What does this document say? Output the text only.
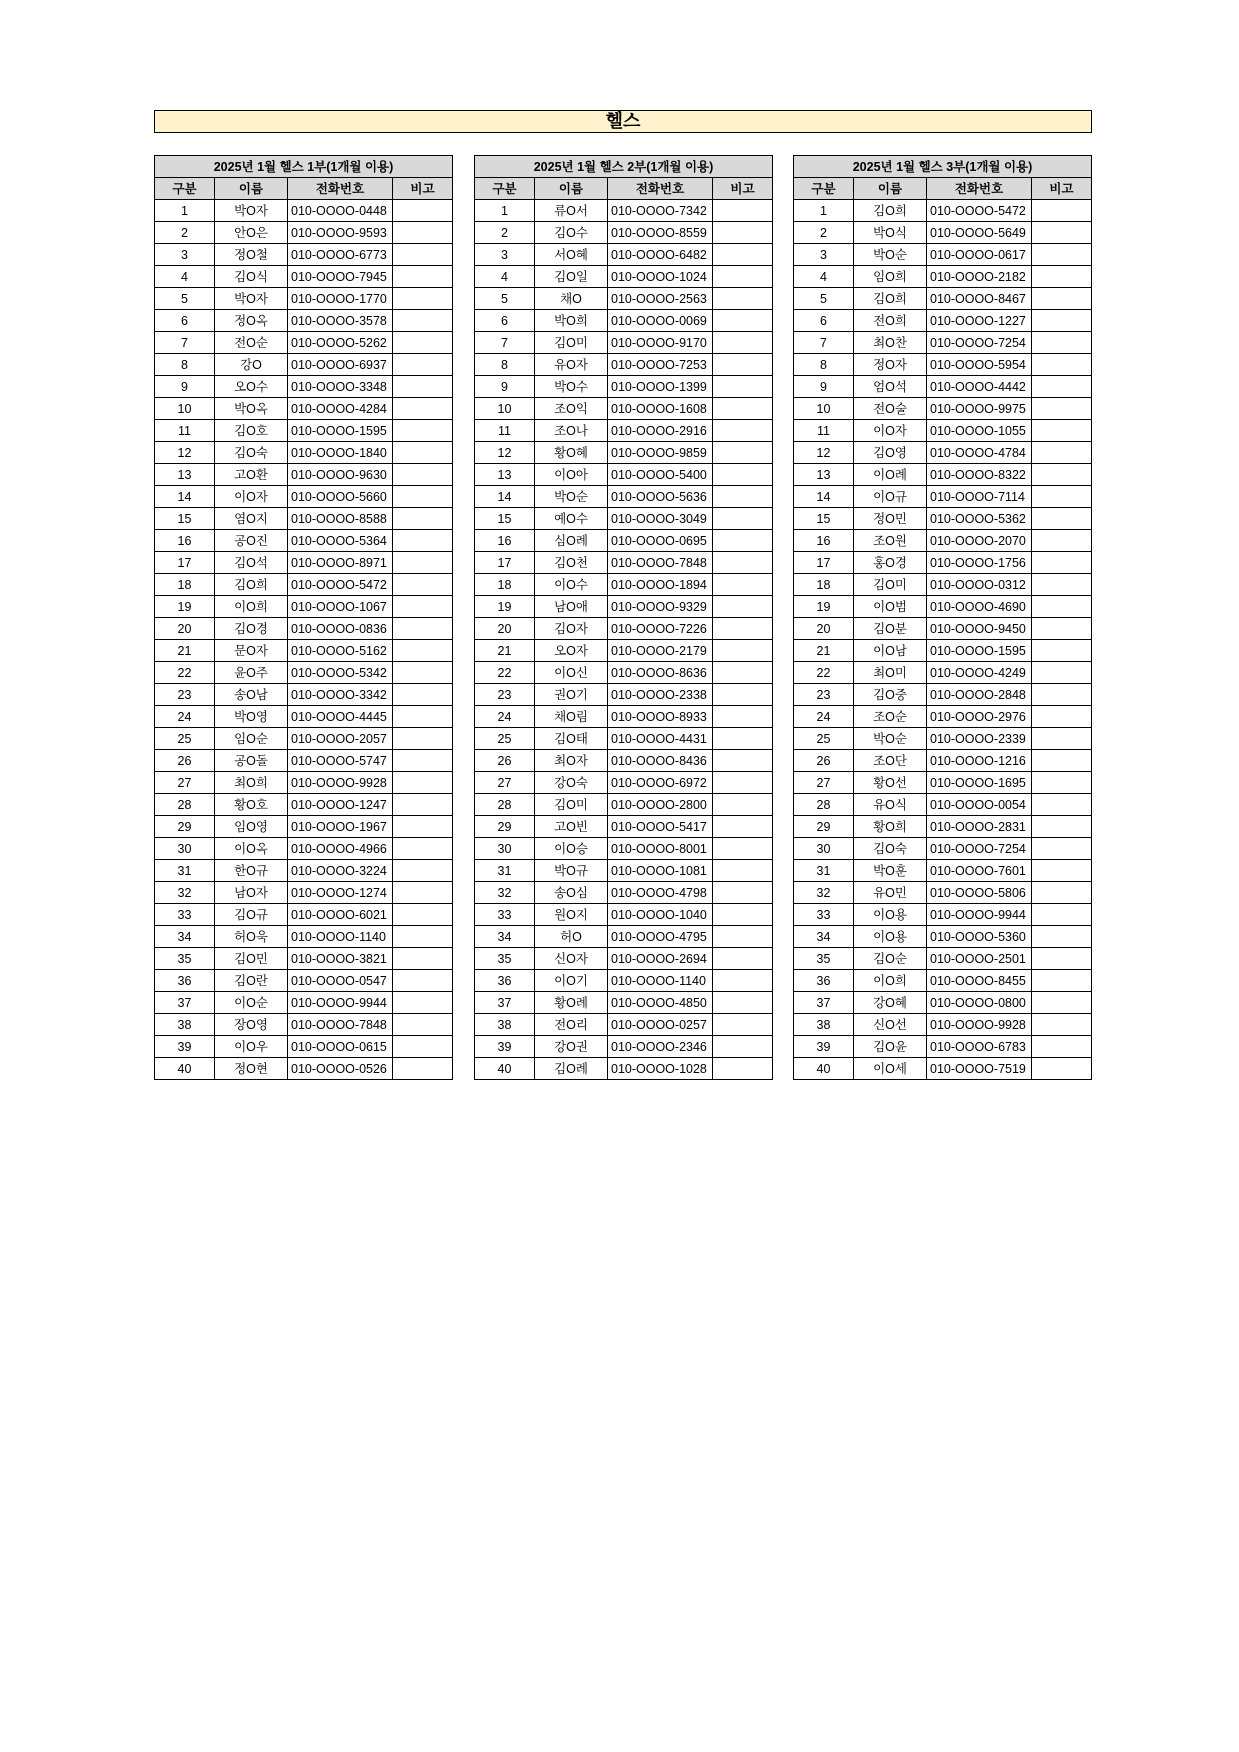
헬스
2025년 1월 헬스 1부(1개월 이용)			
구분	이름	전화번호	비고
1	박O자	010-OOOO-0448	
2	안O은	010-OOOO-9593	
3	정O철	010-OOOO-6773	
4	김O식	010-OOOO-7945	
5	박O자	010-OOOO-1770	
6	정O옥	010-OOOO-3578	
7	전O순	010-OOOO-5262	
8	강O	010-OOOO-6937	
9	오O수	010-OOOO-3348	
10	박O옥	010-OOOO-4284	
11	김O호	010-OOOO-1595	
12	김O숙	010-OOOO-1840	
13	고O환	010-OOOO-9630	
14	이O자	010-OOOO-5660	
15	염O지	010-OOOO-8588	
16	공O진	010-OOOO-5364	
17	김O석	010-OOOO-8971	
18	김O희	010-OOOO-5472	
19	이O희	010-OOOO-1067	
20	김O경	010-OOOO-0836	
21	문O자	010-OOOO-5162	
22	윤O주	010-OOOO-5342	
23	송O남	010-OOOO-3342	
24	박O영	010-OOOO-4445	
25	임O순	010-OOOO-2057	
26	공O돌	010-OOOO-5747	
27	최O희	010-OOOO-9928	
28	황O호	010-OOOO-1247	
29	임O영	010-OOOO-1967	
30	이O옥	010-OOOO-4966	
31	한O규	010-OOOO-3224	
32	남O자	010-OOOO-1274	
33	김O규	010-OOOO-6021	
34	허O욱	010-OOOO-1140	
35	김O민	010-OOOO-3821	
36	김O란	010-OOOO-0547	
37	이O순	010-OOOO-9944	
38	장O영	010-OOOO-7848	
39	이O우	010-OOOO-0615	
40	정O현	010-OOOO-0526	
2025년 1월 헬스 2부(1개월 이용)			
구분	이름	전화번호	비고
1	류O서	010-OOOO-7342	
2	김O수	010-OOOO-8559	
3	서O혜	010-OOOO-6482	
4	김O일	010-OOOO-1024	
5	채O	010-OOOO-2563	
6	박O희	010-OOOO-0069	
7	김O미	010-OOOO-9170	
8	유O자	010-OOOO-7253	
9	박O수	010-OOOO-1399	
10	조O익	010-OOOO-1608	
11	조O나	010-OOOO-2916	
12	황O혜	010-OOOO-9859	
13	이O아	010-OOOO-5400	
14	박O순	010-OOOO-5636	
15	예O수	010-OOOO-3049	
16	심O례	010-OOOO-0695	
17	김O천	010-OOOO-7848	
18	이O수	010-OOOO-1894	
19	남O애	010-OOOO-9329	
20	김O자	010-OOOO-7226	
21	오O자	010-OOOO-2179	
22	이O신	010-OOOO-8636	
23	권O기	010-OOOO-2338	
24	채O림	010-OOOO-8933	
25	김O태	010-OOOO-4431	
26	최O자	010-OOOO-8436	
27	강O숙	010-OOOO-6972	
28	김O미	010-OOOO-2800	
29	고O빈	010-OOOO-5417	
30	이O승	010-OOOO-8001	
31	박O규	010-OOOO-1081	
32	송O심	010-OOOO-4798	
33	원O지	010-OOOO-1040	
34	허O	010-OOOO-4795	
35	신O자	010-OOOO-2694	
36	이O기	010-OOOO-1140	
37	황O례	010-OOOO-4850	
38	전O리	010-OOOO-0257	
39	강O권	010-OOOO-2346	
40	김O례	010-OOOO-1028	
2025년 1월 헬스 3부(1개월 이용)			
구분	이름	전화번호	비고
1	김O희	010-OOOO-5472	
2	박O식	010-OOOO-5649	
3	박O순	010-OOOO-0617	
4	임O희	010-OOOO-2182	
5	김O희	010-OOOO-8467	
6	전O희	010-OOOO-1227	
7	최O찬	010-OOOO-7254	
8	정O자	010-OOOO-5954	
9	엄O석	010-OOOO-4442	
10	전O술	010-OOOO-9975	
11	이O자	010-OOOO-1055	
12	김O영	010-OOOO-4784	
13	이O례	010-OOOO-8322	
14	이O규	010-OOOO-7114	
15	정O민	010-OOOO-5362	
16	조O원	010-OOOO-2070	
17	홍O경	010-OOOO-1756	
18	김O미	010-OOOO-0312	
19	이O범	010-OOOO-4690	
20	김O분	010-OOOO-9450	
21	이O남	010-OOOO-1595	
22	최O미	010-OOOO-4249	
23	김O중	010-OOOO-2848	
24	조O순	010-OOOO-2976	
25	박O순	010-OOOO-2339	
26	조O단	010-OOOO-1216	
27	황O선	010-OOOO-1695	
28	유O식	010-OOOO-0054	
29	황O희	010-OOOO-2831	
30	김O숙	010-OOOO-7254	
31	박O훈	010-OOOO-7601	
32	유O민	010-OOOO-5806	
33	이O용	010-OOOO-9944	
34	이O용	010-OOOO-5360	
35	김O순	010-OOOO-2501	
36	이O희	010-OOOO-8455	
37	강O혜	010-OOOO-0800	
38	신O선	010-OOOO-9928	
39	김O윤	010-OOOO-6783	
40	이O세	010-OOOO-7519	
